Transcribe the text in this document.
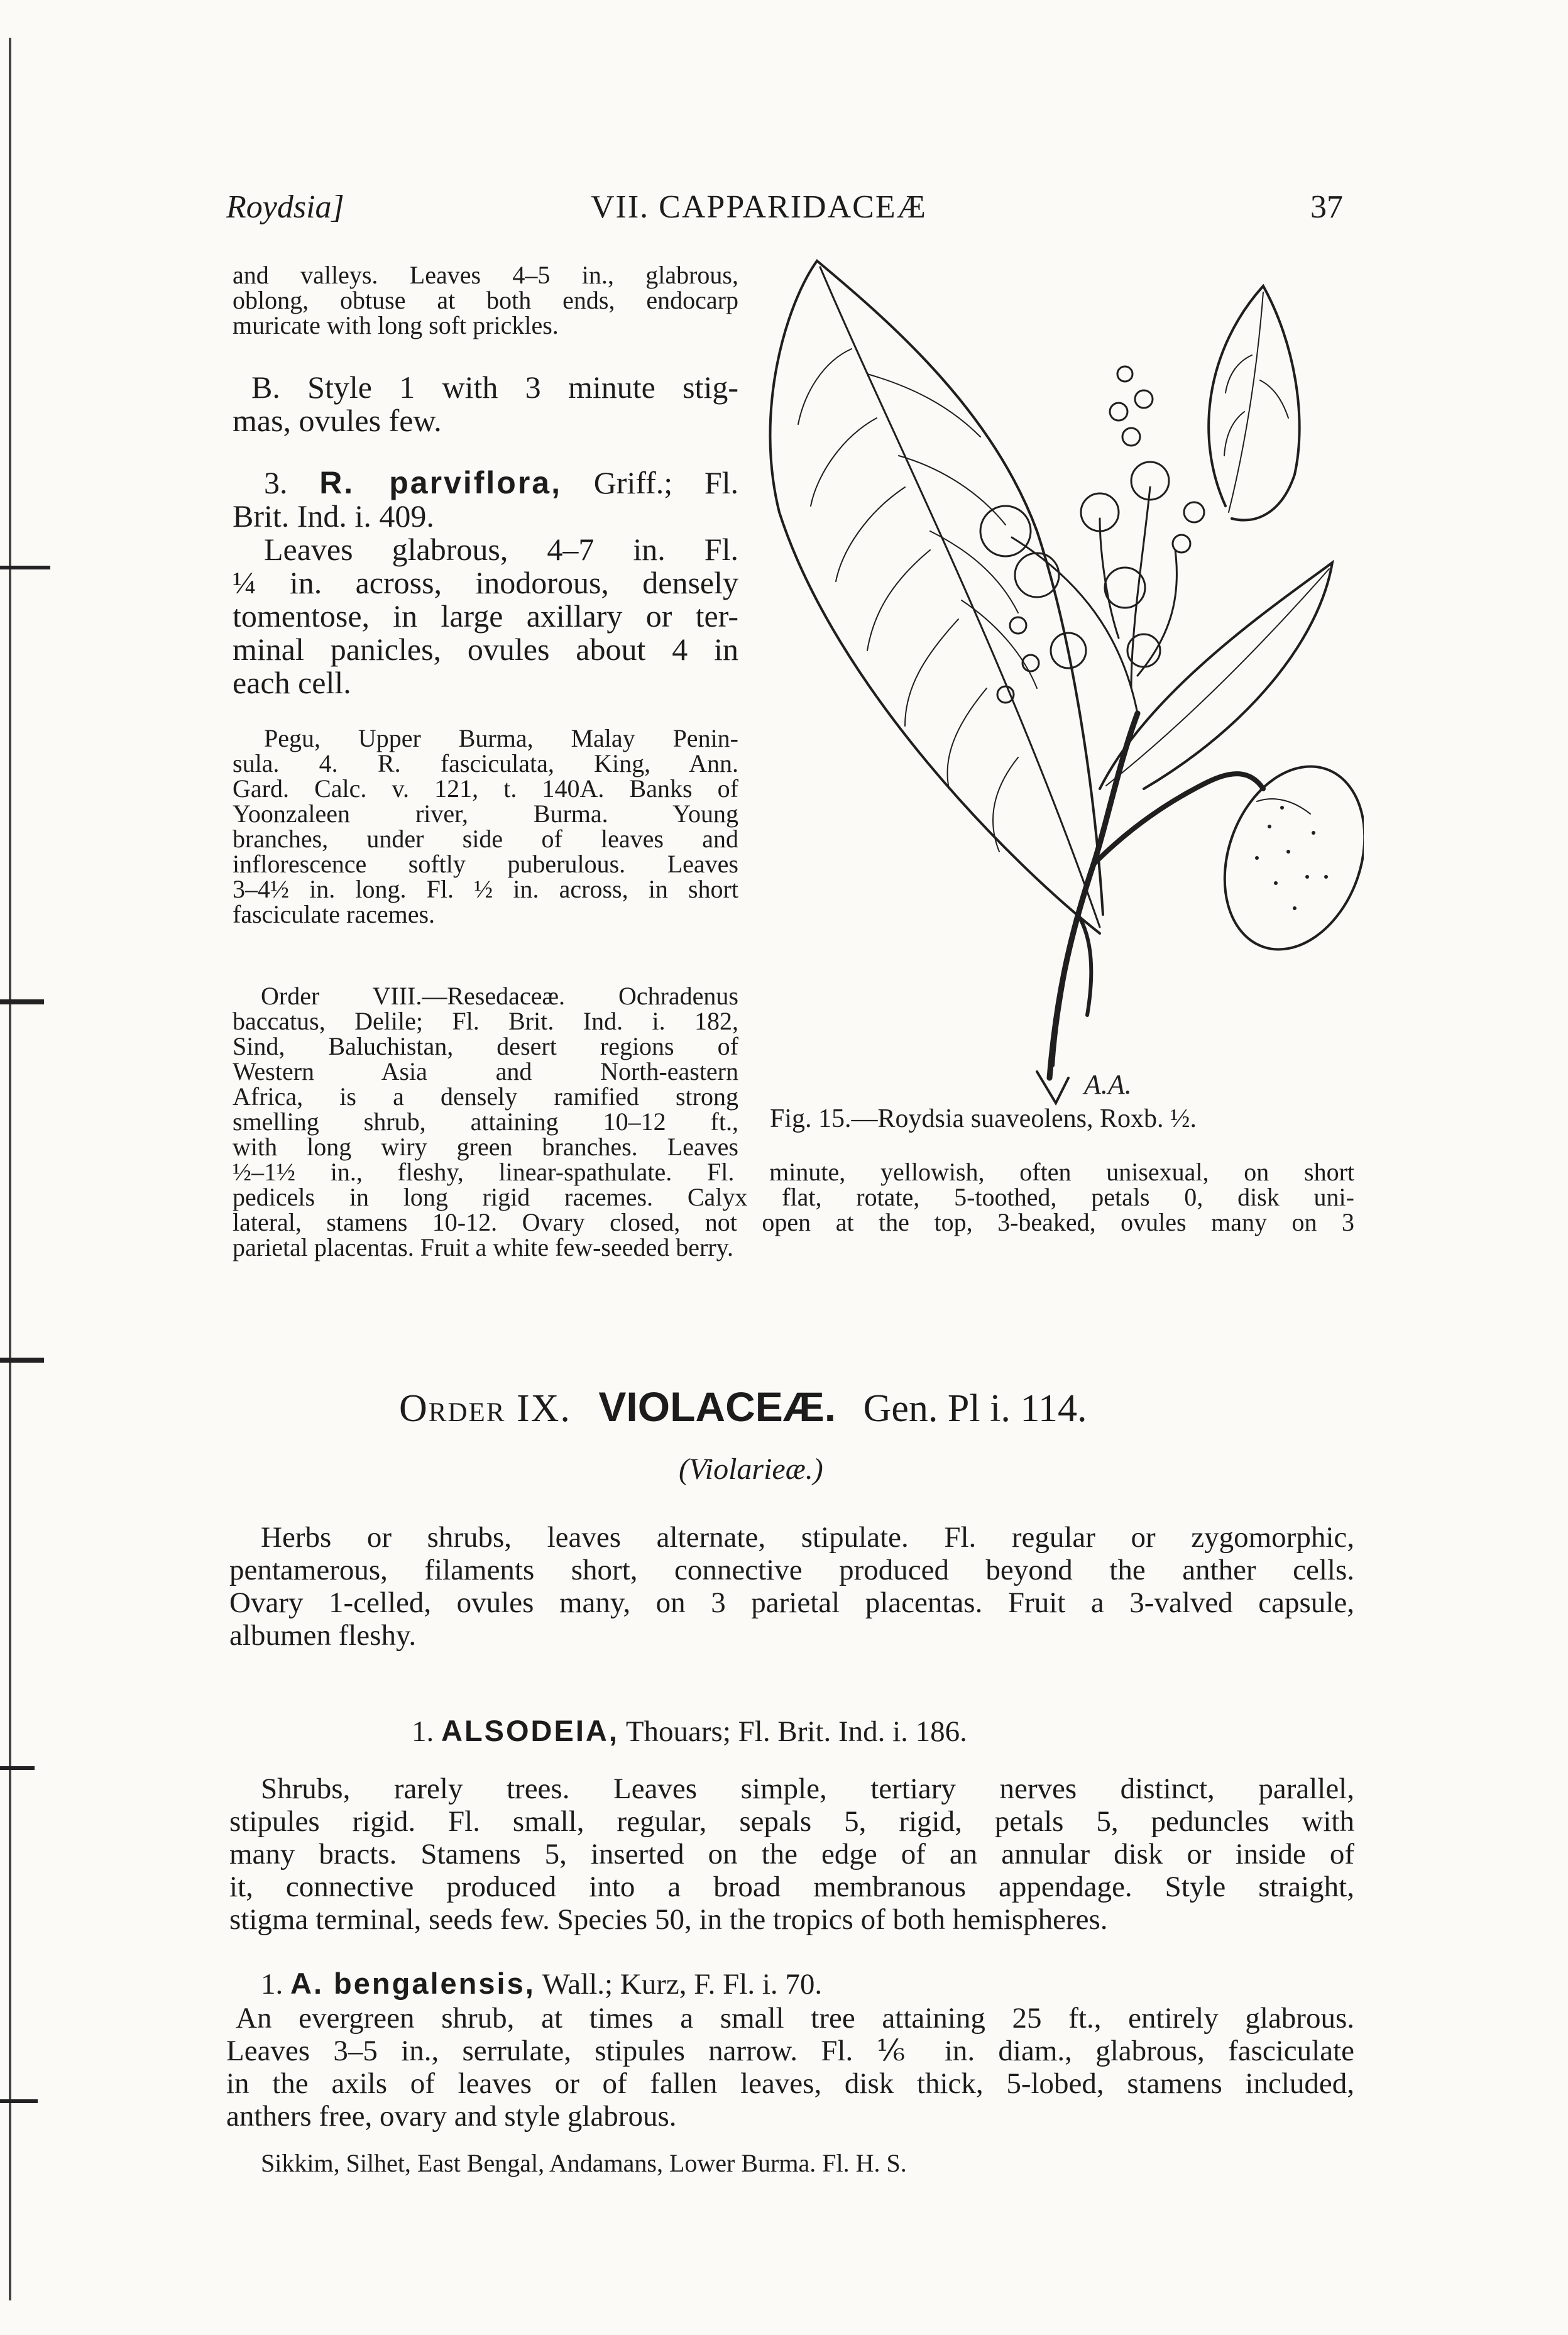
Roydsia]	VII. CAPPARIDACEÆ	37
and valleys. Leaves 4–5 in., glabrous,
oblong, obtuse at both ends, endocarp
muricate with long soft prickles.
B. Style 1 with 3 minute stig-
mas, ovules few.
3. R. parviflora, Griff.; Fl.
Brit. Ind. i. 409.
Leaves glabrous, 4–7 in. Fl.
¼ in. across, inodorous, densely
tomentose, in large axillary or ter-
minal panicles, ovules about 4 in
each cell.
Pegu, Upper Burma, Malay Penin-
sula. 4. R. fasciculata, King, Ann.
Gard. Calc. v. 121, t. 140A. Banks of
Yoonzaleen river, Burma. Young
branches, under side of leaves and
inflorescence softly puberulous. Leaves
3–4½ in. long. Fl. ½ in. across, in short
fasciculate racemes.
Order VIII.—Resedaceæ. Ochradenus
baccatus, Delile; Fl. Brit. Ind. i. 182,
Sind, Baluchistan, desert regions of
Western Asia and North-eastern
Africa, is a densely ramified strong
smelling shrub, attaining 10–12 ft.,
with long wiry green branches. Leaves
A.A.
Fig. 15.—Roydsia suaveolens, Roxb. ½.
½–1½ in., fleshy, linear-spathulate. Fl. minute, yellowish, often unisexual, on short
pedicels in long rigid racemes. Calyx flat, rotate, 5-toothed, petals 0, disk uni-
lateral, stamens 10-12. Ovary closed, not open at the top, 3-beaked, ovules many on 3
parietal placentas. Fruit a white few-seeded berry.
Order IX. VIOLACEÆ. Gen. Pl i. 114.
(Violarieæ.)
Herbs or shrubs, leaves alternate, stipulate. Fl. regular or zygomorphic,
pentamerous, filaments short, connective produced beyond the anther cells.
Ovary 1-celled, ovules many, on 3 parietal placentas. Fruit a 3-valved capsule,
albumen fleshy.
1. ALSODEIA, Thouars; Fl. Brit. Ind. i. 186.
Shrubs, rarely trees. Leaves simple, tertiary nerves distinct, parallel,
stipules rigid. Fl. small, regular, sepals 5, rigid, petals 5, peduncles with
many bracts. Stamens 5, inserted on the edge of an annular disk or inside of
it, connective produced into a broad membranous appendage. Style straight,
stigma terminal, seeds few. Species 50, in the tropics of both hemispheres.
1. A. bengalensis, Wall.; Kurz, F. Fl. i. 70.
An evergreen shrub, at times a small tree attaining 25 ft., entirely glabrous.
Leaves 3–5 in., serrulate, stipules narrow. Fl. ⅙ in. diam., glabrous, fasciculate
in the axils of leaves or of fallen leaves, disk thick, 5-lobed, stamens included,
anthers free, ovary and style glabrous.
Sikkim, Silhet, East Bengal, Andamans, Lower Burma. Fl. H. S.
